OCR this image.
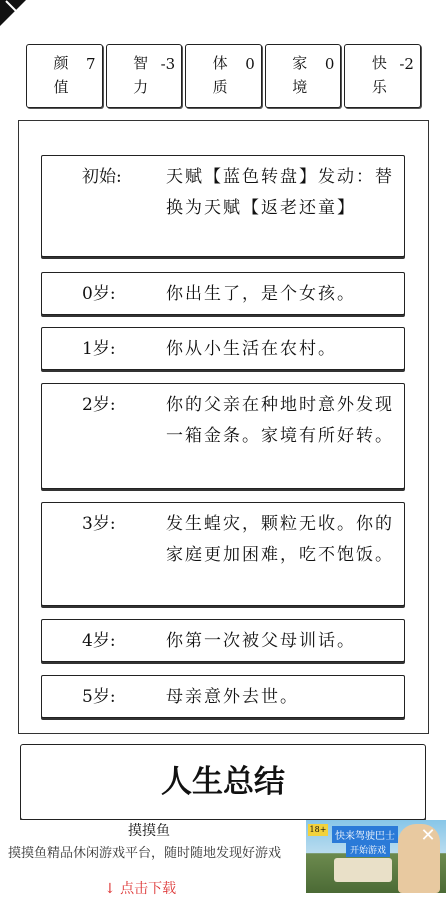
颜值
7 智力
-3 体质
0 家境
0 快乐
-2
初始:	天赋【蓝色转盘】发动：替换为天赋【返老还童】
0岁:	你出生了，是个女孩。
1岁:	你从小生活在农村。
2岁:	你的父亲在种地时意外发现一箱金条。家境有所好转。
3岁:	发生蝗灾，颗粒无收。你的家庭更加困难，吃不饱饭。
4岁:	你第一次被父母训话。
5岁:	母亲意外去世。
人生总结
摸摸鱼
摸摸鱼精品休闲游戏平台，随时随地发现好游戏
↓ 点击下载
18+
快来驾驶巴士
开始游戏
✕
